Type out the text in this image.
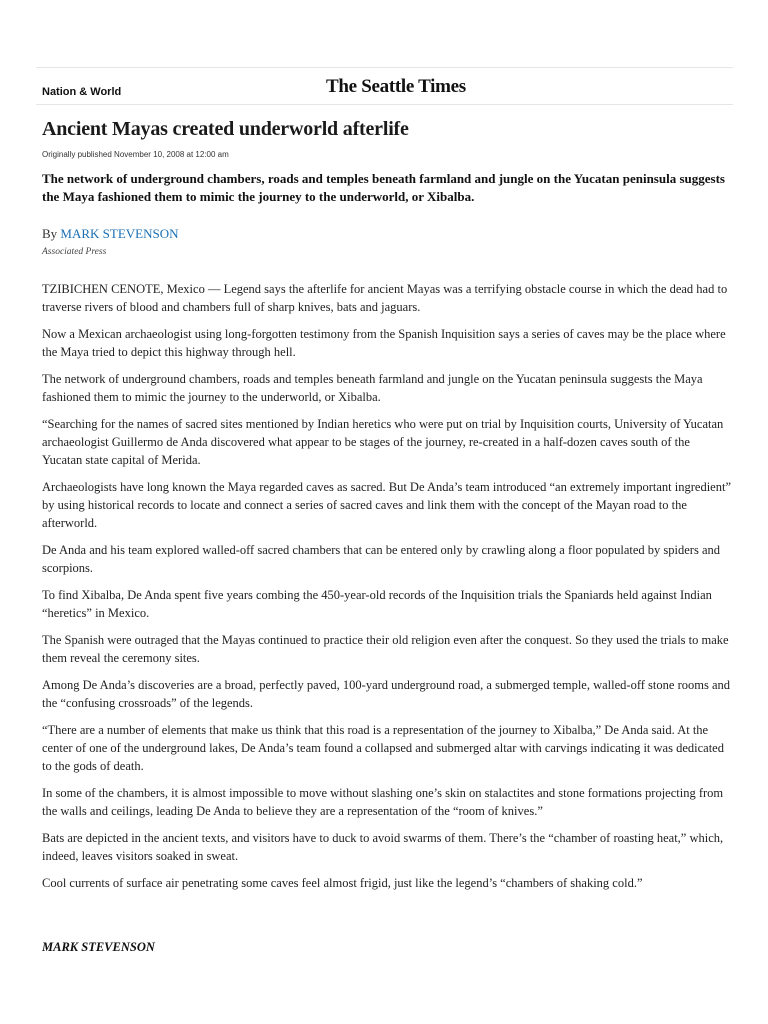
Nation & World	The Seattle Times
Ancient Mayas created underworld afterlife
Originally published November 10, 2008 at 12:00 am

The network of underground chambers, roads and temples beneath farmland and jungle on the Yucatan peninsula suggests the Maya fashioned them to mimic the journey to the underworld, or Xibalba.

By MARK STEVENSON
Associated Press

TZIBICHEN CENOTE, Mexico — Legend says the afterlife for ancient Mayas was a terrifying obstacle course in which the dead had to traverse rivers of blood and chambers full of sharp knives, bats and jaguars.

Now a Mexican archaeologist using long-forgotten testimony from the Spanish Inquisition says a series of caves may be the place where the Maya tried to depict this highway through hell.

The network of underground chambers, roads and temples beneath farmland and jungle on the Yucatan peninsula suggests the Maya fashioned them to mimic the journey to the underworld, or Xibalba.

“Searching for the names of sacred sites mentioned by Indian heretics who were put on trial by Inquisition courts, University of Yucatan archaeologist Guillermo de Anda discovered what appear to be stages of the journey, re-created in a half-dozen caves south of the Yucatan state capital of Merida.

Archaeologists have long known the Maya regarded caves as sacred. But De Anda’s team introduced “an extremely important ingredient” by using historical records to locate and connect a series of sacred caves and link them with the concept of the Mayan road to the afterworld.

De Anda and his team explored walled-off sacred chambers that can be entered only by crawling along a floor populated by spiders and scorpions.

To find Xibalba, De Anda spent five years combing the 450-year-old records of the Inquisition trials the Spaniards held against Indian “heretics” in Mexico.

The Spanish were outraged that the Mayas continued to practice their old religion even after the conquest. So they used the trials to make them reveal the ceremony sites.

Among De Anda’s discoveries are a broad, perfectly paved, 100-yard underground road, a submerged temple, walled-off stone rooms and the “confusing crossroads” of the legends.

“There are a number of elements that make us think that this road is a representation of the journey to Xibalba,” De Anda said. At the center of one of the underground lakes, De Anda’s team found a collapsed and submerged altar with carvings indicating it was dedicated to the gods of death.

In some of the chambers, it is almost impossible to move without slashing one’s skin on stalactites and stone formations projecting from the walls and ceilings, leading De Anda to believe they are a representation of the “room of knives.”

Bats are depicted in the ancient texts, and visitors have to duck to avoid swarms of them. There’s the “chamber of roasting heat,” which, indeed, leaves visitors soaked in sweat.

Cool currents of surface air penetrating some caves feel almost frigid, just like the legend’s “chambers of shaking cold.”

MARK STEVENSON
